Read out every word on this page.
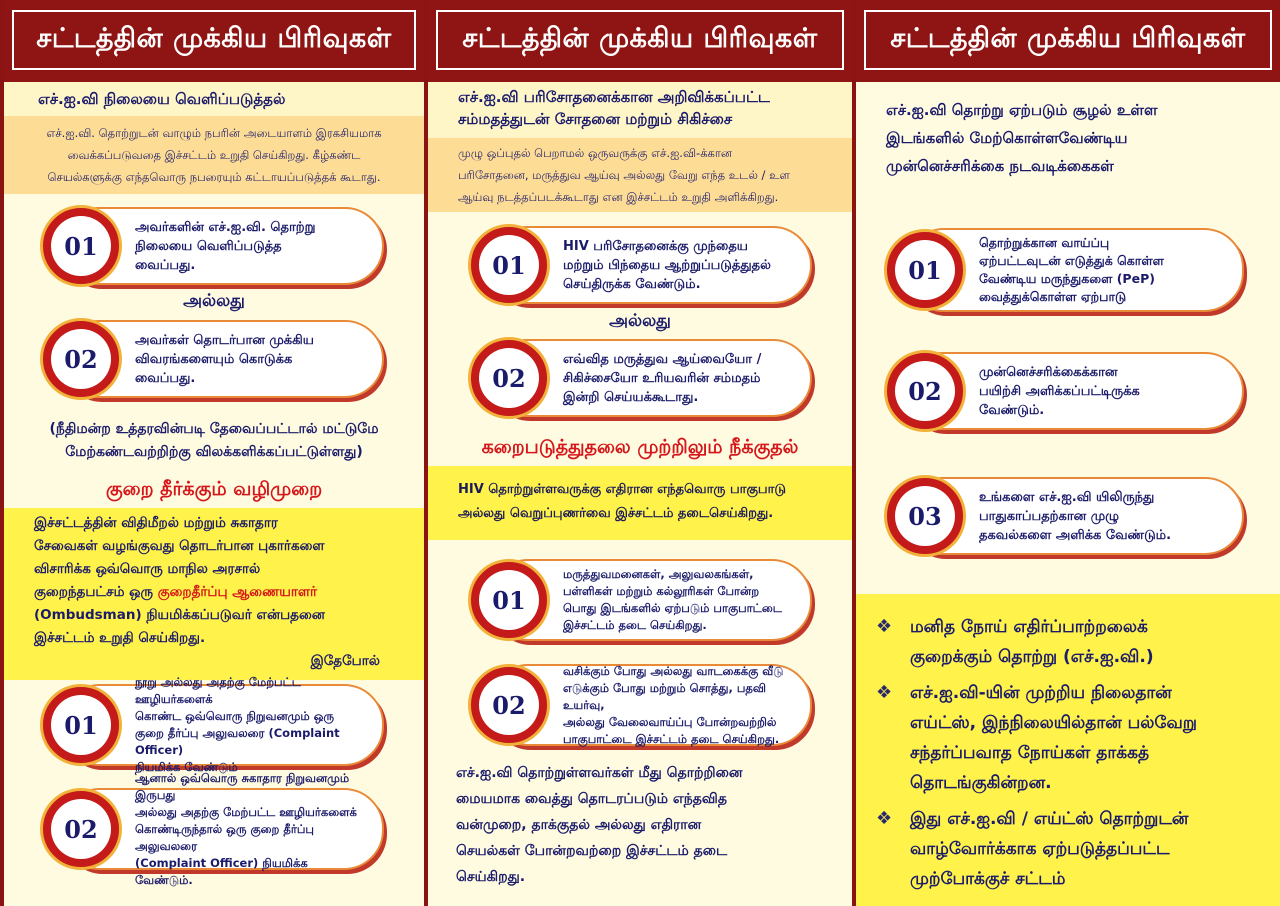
சட்டத்தின் முக்கிய பிரிவுகள்
எச்.ஐ.வி நிலையை வெளிப்படுத்தல்
எச்.ஐ.வி. தொற்றுடன் வாழும் நபரின் அடையாளம் இரகசியமாக
வைக்கப்படுவதை இச்சட்டம் உறுதி செய்கிறது. கீழ்கண்ட
செயல்களுக்கு எந்தவொரு நபரையும் கட்டாயப்படுத்தக் கூடாது.
01
அவர்களின் எச்.ஐ.வி. தொற்று
நிலையை வெளிப்படுத்த
வைப்பது.
அல்லது
02
அவர்கள் தொடர்பான முக்கிய
விவரங்களையும் கொடுக்க
வைப்பது.
(நீதிமன்ற உத்தரவின்படி தேவைப்பட்டால் மட்டுமே
மேற்கண்டவற்றிற்கு விலக்களிக்கப்பட்டுள்ளது)
குறை தீர்க்கும் வழிமுறை
இச்சட்டத்தின் விதிமீறல் மற்றும் சுகாதார
சேவைகள் வழங்குவது தொடர்பான புகார்களை
விசாரிக்க ஒவ்வொரு மாநில அரசால்
குறைந்தபட்சம் ஒரு குறைதீர்ப்பு ஆணையாளர்
(Ombudsman) நியமிக்கப்படுவர் என்பதனை
இச்சட்டம் உறுதி செய்கிறது.
இதேபோல்
01
நூறு அல்லது அதற்கு மேற்பட்ட ஊழியர்களைக்
கொண்ட ஒவ்வொரு நிறுவனமும் ஒரு
குறை தீர்ப்பு அலுவலரை (Complaint Officer)
நியமிக்க வேண்டும்
02
ஆனால் ஒவ்வொரு சுகாதார நிறுவனமும் இருபது
அல்லது அதற்கு மேற்பட்ட ஊழியர்களைக்
கொண்டிருந்தால் ஒரு குறை தீர்ப்பு அலுவலரை
(Complaint Officer) நியமிக்க வேண்டும்.
சட்டத்தின் முக்கிய பிரிவுகள்
எச்.ஐ.வி பரிசோதனைக்கான அறிவிக்கப்பட்ட
சம்மதத்துடன் சோதனை மற்றும் சிகிச்சை
முழு ஒப்புதல் பெறாமல் ஒருவருக்கு எச்.ஐ.வி-க்கான
பரிசோதனை, மருத்துவ ஆய்வு அல்லது வேறு எந்த உடல் / உள
ஆய்வு நடத்தப்படக்கூடாது என இச்சட்டம் உறுதி அளிக்கிறது.
01
HIV பரிசோதனைக்கு முந்தைய
மற்றும் பிந்தைய ஆற்றுப்படுத்துதல்
செய்திருக்க வேண்டும்.
அல்லது
02
எவ்வித மருத்துவ ஆய்வையோ /
சிகிச்சையோ உரியவரின் சம்மதம்
இன்றி செய்யக்கூடாது.
கறைபடுத்துதலை முற்றிலும் நீக்குதல்
HIV தொற்றுள்ளவருக்கு எதிரான எந்தவொரு பாகுபாடு
அல்லது வெறுப்புணர்வை இச்சட்டம் தடைசெய்கிறது.
01
மருத்துவமனைகள், அலுவலகங்கள்,
பள்ளிகள் மற்றும் கல்லூரிகள் போன்ற
பொது இடங்களில் ஏற்படும் பாகுபாட்டை
இச்சட்டம் தடை செய்கிறது.
02
வசிக்கும் போது அல்லது வாடகைக்கு வீடு
எடுக்கும் போது மற்றும் சொத்து, பதவி உயர்வு,
அல்லது வேலைவாய்ப்பு போன்றவற்றில்
பாகுபாட்டை இச்சட்டம் தடை செய்கிறது.
எச்.ஐ.வி தொற்றுள்ளவர்கள் மீது தொற்றினை
மையமாக வைத்து தொடரப்படும் எந்தவித
வன்முறை, தாக்குதல் அல்லது எதிரான
செயல்கள் போன்றவற்றை இச்சட்டம் தடை
செய்கிறது.
சட்டத்தின் முக்கிய பிரிவுகள்
எச்.ஐ.வி தொற்று ஏற்படும் சூழல் உள்ள
இடங்களில் மேற்கொள்ளவேண்டிய
முன்னெச்சரிக்கை நடவடிக்கைகள்
01
தொற்றுக்கான வாய்ப்பு
ஏற்பட்டவுடன் எடுத்துக் கொள்ள
வேண்டிய மருந்துகளை (PeP)
வைத்துக்கொள்ள ஏற்பாடு
02
முன்னெச்சரிக்கைக்கான
பயிற்சி அளிக்கப்பட்டிருக்க
வேண்டும்.
03
உங்களை எச்.ஐ.வி யிலிருந்து
பாதுகாப்பதற்கான முழு
தகவல்களை அளிக்க வேண்டும்.
❖	மனித நோய் எதிர்ப்பாற்றலைக்
குறைக்கும் தொற்று (எச்.ஐ.வி.)
❖	எச்.ஐ.வி-யின் முற்றிய நிலைதான்
எய்ட்ஸ், இந்நிலையில்தான் பல்வேறு
சந்தர்ப்பவாத நோய்கள் தாக்கத்
தொடங்குகின்றன.
❖	இது எச்.ஐ.வி / எய்ட்ஸ் தொற்றுடன்
வாழ்வோர்க்காக ஏற்படுத்தப்பட்ட
முற்போக்குச் சட்டம்
